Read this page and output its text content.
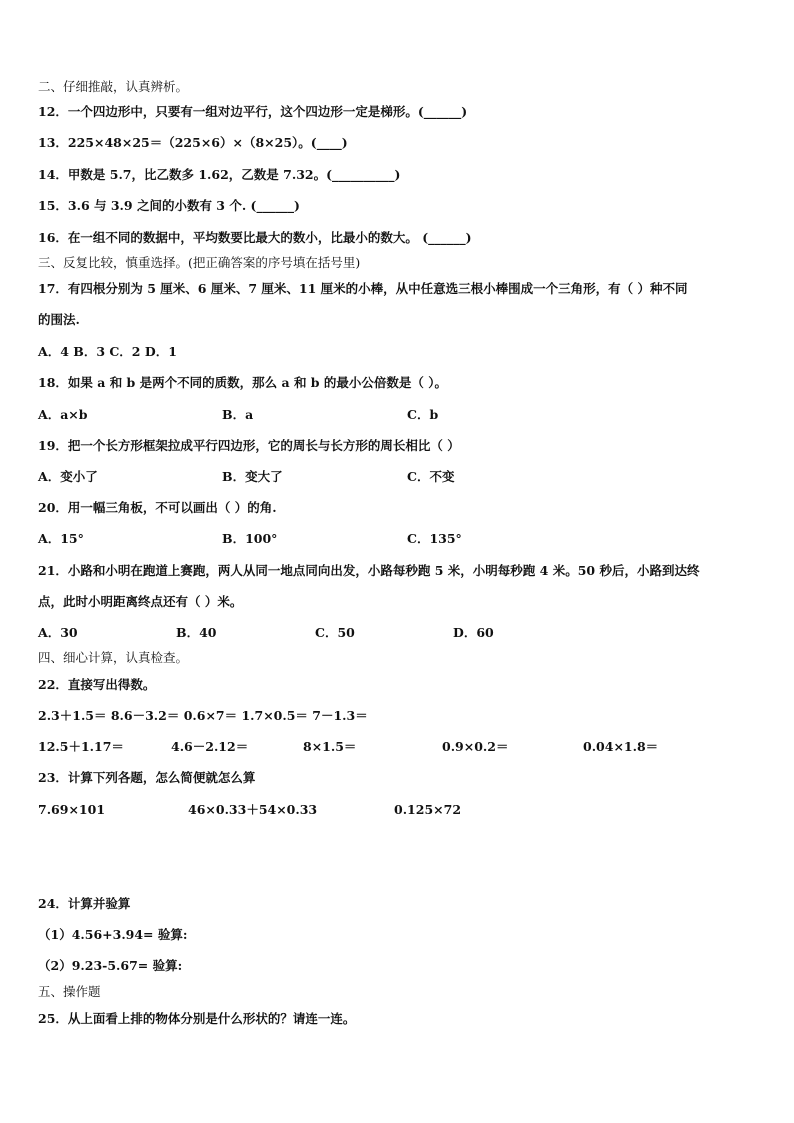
二、仔细推敲，认真辨析。
12．一个四边形中，只要有一组对边平行，这个四边形一定是梯形。(______)
13．225×48×25＝（225×6）×（8×25）。(____)
14．甲数是 5.7，比乙数多 1.62，乙数是 7.32。(__________)
15．3.6 与 3.9 之间的小数有 3 个. (______)
16．在一组不同的数据中，平均数要比最大的数小，比最小的数大。 (______)
三、反复比较，慎重选择。(把正确答案的序号填在括号里)
17．有四根分别为 5 厘米、6 厘米、7 厘米、11 厘米的小棒，从中任意选三根小棒围成一个三角形，有（ ）种不同
的围法.
A．4 B．3 C．2 D．1
18．如果 a 和 b 是两个不同的质数，那么 a 和 b 的最小公倍数是（ ）。
A．a×b	B．a	C．b
19．把一个长方形框架拉成平行四边形，它的周长与长方形的周长相比（ ）
A．变小了	B．变大了	C．不变
20．用一幅三角板，不可以画出（ ）的角.
A．15°	B．100°	C．135°
21．小路和小明在跑道上赛跑，两人从同一地点同向出发，小路每秒跑 5 米，小明每秒跑 4 米。50 秒后，小路到达终
点，此时小明距离终点还有（ ）米。
A．30	B．40	C．50	D．60
四、细心计算，认真检查。
22．直接写出得数。
2.3＋1.5＝ 8.6－3.2＝ 0.6×7＝ 1.7×0.5＝ 7－1.3＝
12.5＋1.17＝	4.6－2.12＝	8×1.5＝	0.9×0.2＝	0.04×1.8＝
23．计算下列各题，怎么简便就怎么算
7.69×101	46×0.33＋54×0.33	0.125×72
24．计算并验算
（1）4.56+3.94= 验算:
（2）9.23-5.67= 验算:
五、操作题
25．从上面看上排的物体分别是什么形状的？请连一连。
